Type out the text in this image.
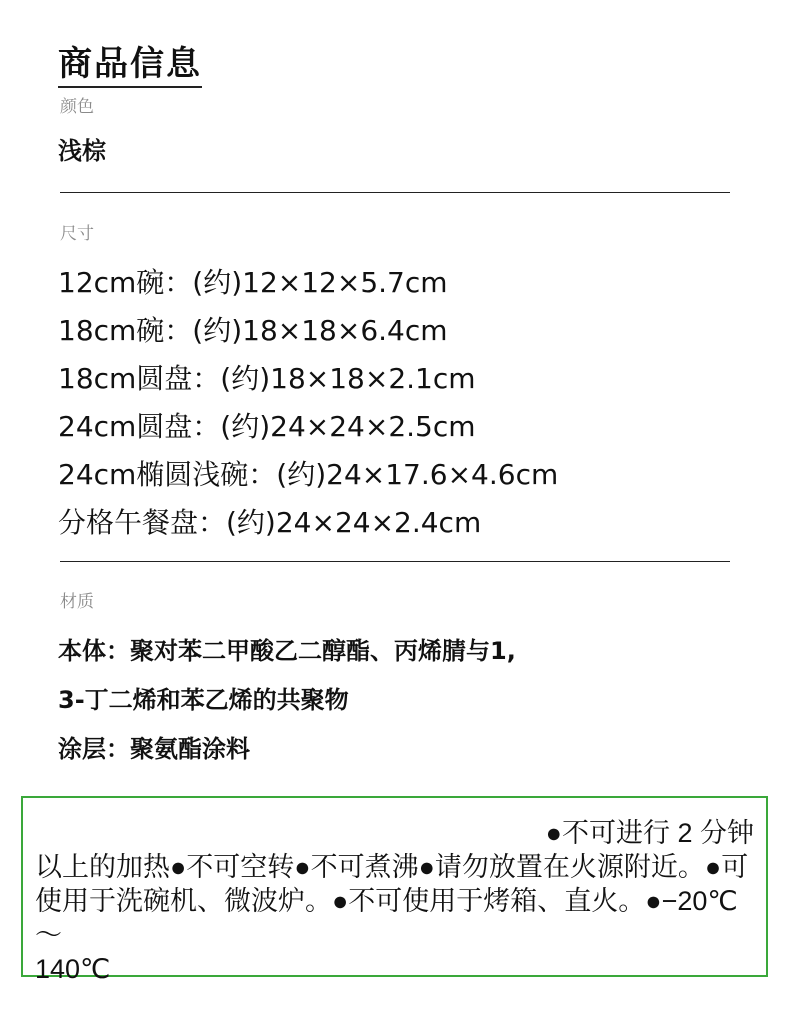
商品信息
颜色
浅棕
尺寸
12cm碗：(约)12×12×5.7cm
18cm碗：(约)18×18×6.4cm
18cm圆盘：(约)18×18×2.1cm
24cm圆盘：(约)24×24×2.5cm
24cm椭圆浅碗：(约)24×17.6×4.6cm
分格午餐盘：(约)24×24×2.4cm
材质
本体：聚对苯二甲酸乙二醇酯、丙烯腈与1,
3-丁二烯和苯乙烯的共聚物
涂层：聚氨酯涂料
●不可进行 2 分钟
以上的加热●不可空转●不可煮沸●请勿放置在火源附近。●可
使用于洗碗机、微波炉。●不可使用于烤箱、直火。●−20℃～
140℃
